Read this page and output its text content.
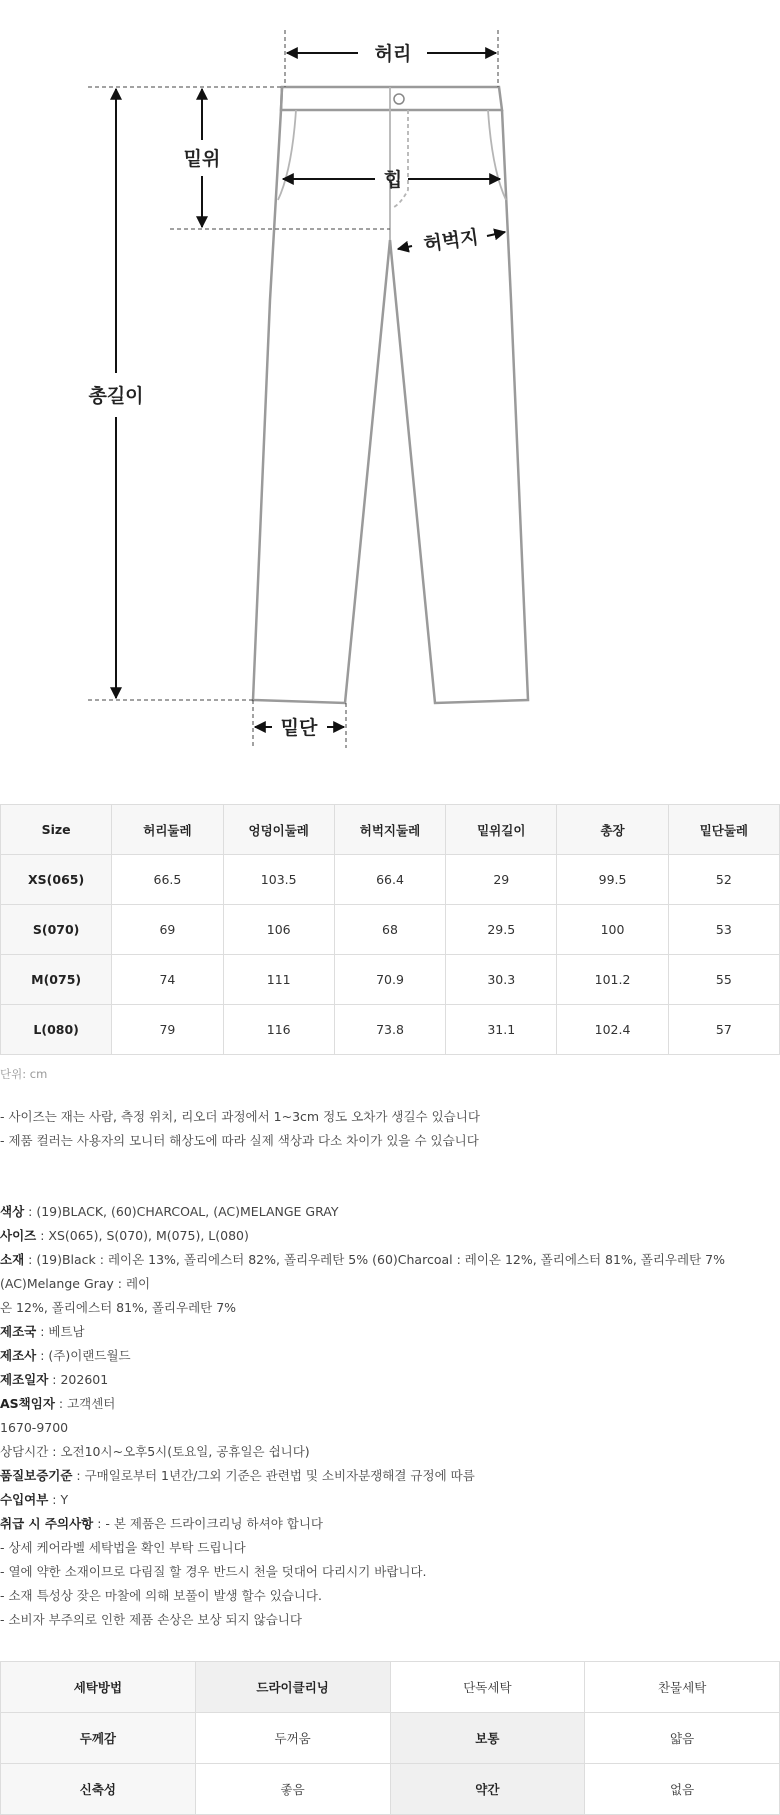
허리
밑위
힙
허벅지
총길이
밑단
Size	허리둘레	엉덩이둘레	허벅지둘레	밑위길이	총장	밑단둘레
XS(065)	66.5	103.5	66.4	29	99.5	52
S(070)	69	106	68	29.5	100	53
M(075)	74	111	70.9	30.3	101.2	55
L(080)	79	116	73.8	31.1	102.4	57
단위: cm
- 사이즈는 재는 사람, 측정 위치, 리오더 과정에서 1~3cm 정도 오차가 생길수 있습니다
- 제품 컬러는 사용자의 모니터 해상도에 따라 실제 색상과 다소 차이가 있을 수 있습니다
색상 : (19)BLACK, (60)CHARCOAL, (AC)MELANGE GRAY
사이즈 : XS(065), S(070), M(075), L(080)
소재 : (19)Black : 레이온 13%, 폴리에스터 82%, 폴리우레탄 5% (60)Charcoal : 레이온 12%, 폴리에스터 81%, 폴리우레탄 7% (AC)Melange Gray : 레이
온 12%, 폴리에스터 81%, 폴리우레탄 7%
제조국 : 베트남
제조사 : (주)이랜드월드
제조일자 : 202601
AS책임자 : 고객센터
1670-9700
상담시간 : 오전10시~오후5시(토요일, 공휴일은 쉽니다)
품질보증기준 : 구매일로부터 1년간/그외 기준은 관련법 및 소비자분쟁해결 규정에 따름
수입여부 : Y
취급 시 주의사항 : - 본 제품은 드라이크리닝 하셔야 합니다
- 상세 케어라벨 세탁법을 확인 부탁 드립니다
- 열에 약한 소재이므로 다림질 할 경우 반드시 천을 덧대어 다리시기 바랍니다.
- 소재 특성상 잦은 마찰에 의해 보풀이 발생 할수 있습니다.
- 소비자 부주의로 인한 제품 손상은 보상 되지 않습니다
세탁방법	드라이클리닝	단독세탁	찬물세탁
두께감	두꺼움	보통	얇음
신축성	좋음	약간	없음
